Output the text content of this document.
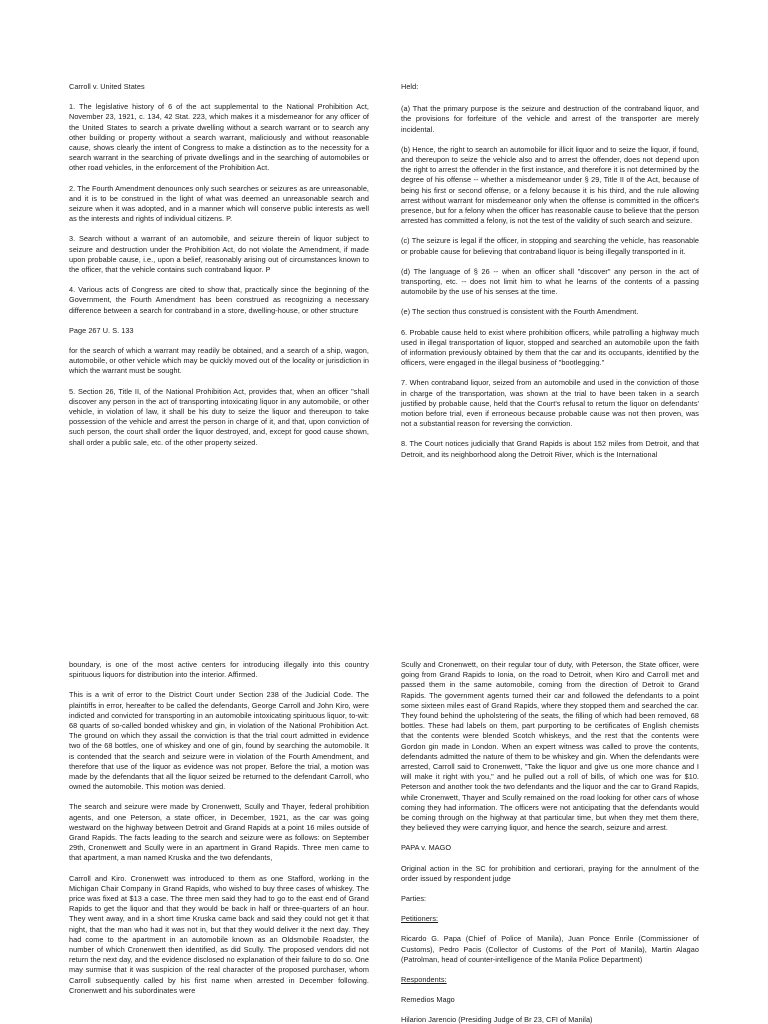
Carroll v. United States

1. The legislative history of 6 of the act supplemental to the National Prohibition Act, November 23, 1921, c. 134, 42 Stat. 223, which makes it a misdemeanor for any officer of the United States to search a private dwelling without a search warrant or to search any other building or property without a search warrant, maliciously and without reasonable cause, shows clearly the intent of Congress to make a distinction as to the necessity for a search warrant in the searching of private dwellings and in the searching of automobiles or other road vehicles, in the enforcement of the Prohibition Act.

2. The Fourth Amendment denounces only such searches or seizures as are unreasonable, and it is to be construed in the light of what was deemed an unreasonable search and seizure when it was adopted, and in a manner which will conserve public interests as well as the interests and rights of individual citizens. P.

3. Search without a warrant of an automobile, and seizure therein of liquor subject to seizure and destruction under the Prohibition Act, do not violate the Amendment, if made upon probable cause, i.e., upon a belief, reasonably arising out of circumstances known to the officer, that the vehicle contains such contraband liquor. P

4. Various acts of Congress are cited to show that, practically since the beginning of the Government, the Fourth Amendment has been construed as recognizing a necessary difference between a search for contraband in a store, dwelling-house, or other structure

Page 267 U. S. 133

for the search of which a warrant may readily be obtained, and a search of a ship, wagon, automobile, or other vehicle which may be quickly moved out of the locality or jurisdiction in which the warrant must be sought.

5. Section 26, Title II, of the National Prohibition Act, provides that, when an officer "shall discover any person in the act of transporting intoxicating liquor in any automobile, or other vehicle, in violation of law, it shall be his duty to seize the liquor and thereupon to take possession of the vehicle and arrest the person in charge of it, and that, upon conviction of such person, the court shall order the liquor destroyed, and, except for good cause shown, shall order a public sale, etc. of the other property seized.

Held:

(a) That the primary purpose is the seizure and destruction of the contraband liquor, and the provisions for forfeiture of the vehicle and arrest of the transporter are merely incidental.

(b) Hence, the right to search an automobile for illicit liquor and to seize the liquor, if found, and thereupon to seize the vehicle also and to arrest the offender, does not depend upon the right to arrest the offender in the first instance, and therefore it is not determined by the degree of his offense -- whether a misdemeanor under § 29, Title II of the Act, because of being his first or second offense, or a felony because it is his third, and the rule allowing arrest without warrant for misdemeanor only when the offense is committed in the officer's presence, but for a felony when the officer has reasonable cause to believe that the person arrested has committed a felony, is not the test of the validity of such search and seizure.

(c) The seizure is legal if the officer, in stopping and searching the vehicle, has reasonable or probable cause for believing that contraband liquor is being illegally transported in it.

(d) The language of § 26 -- when an officer shall "discover" any person in the act of transporting, etc. -- does not limit him to what he learns of the contents of a passing automobile by the use of his senses at the time.

(e) The section thus construed is consistent with the Fourth Amendment.

6. Probable cause held to exist where prohibition officers, while patrolling a highway much used in illegal transportation of liquor, stopped and searched an automobile upon the faith of information previously obtained by them that the car and its occupants, identified by the officers, were engaged in the illegal business of "bootlegging."

7. When contraband liquor, seized from an automobile and used in the conviction of those in charge of the transportation, was shown at the trial to have been taken in a search justified by probable cause, held that the Court's refusal to return the liquor on defendants' motion before trial, even if erroneous because probable cause was not then proven, was not a substantial reason for reversing the conviction.

8. The Court notices judicially that Grand Rapids is about 152 miles from Detroit, and that Detroit, and its neighborhood along the Detroit River, which is the International

boundary, is one of the most active centers for introducing illegally into this country spirituous liquors for distribution into the interior. Affirmed.

This is a writ of error to the District Court under Section 238 of the Judicial Code. The plaintiffs in error, hereafter to be called the defendants, George Carroll and John Kiro, were indicted and convicted for transporting in an automobile intoxicating spirituous liquor, to-wit: 68 quarts of so-called bonded whiskey and gin, in violation of the National Prohibition Act. The ground on which they assail the conviction is that the trial court admitted in evidence two of the 68 bottles, one of whiskey and one of gin, found by searching the automobile. It is contended that the search and seizure were in violation of the Fourth Amendment, and therefore that use of the liquor as evidence was not proper. Before the trial, a motion was made by the defendants that all the liquor seized be returned to the defendant Carroll, who owned the automobile. This motion was denied.

The search and seizure were made by Cronenwett, Scully and Thayer, federal prohibition agents, and one Peterson, a state officer, in December, 1921, as the car was going westward on the highway between Detroit and Grand Rapids at a point 16 miles outside of Grand Rapids. The facts leading to the search and seizure were as follows: on September 29th, Cronenwett and Scully were in an apartment in Grand Rapids. Three men came to that apartment, a man named Kruska and the two defendants,

Carroll and Kiro. Cronenwett was introduced to them as one Stafford, working in the Michigan Chair Company in Grand Rapids, who wished to buy three cases of whiskey. The price was fixed at $13 a case. The three men said they had to go to the east end of Grand Rapids to get the liquor and that they would be back in half or three-quarters of an hour. They went away, and in a short time Kruska came back and said they could not get it that night, that the man who had it was not in, but that they would deliver it the next day. They had come to the apartment in an automobile known as an Oldsmobile Roadster, the number of which Cronenwett then identified, as did Scully. The proposed vendors did not return the next day, and the evidence disclosed no explanation of their failure to do so. One may surmise that it was suspicion of the real character of the proposed purchaser, whom Carroll subsequently called by his first name when arrested in December following. Cronenwett and his subordinates were

Scully and Cronenwett, on their regular tour of duty, with Peterson, the State officer, were going from Grand Rapids to Ionia, on the road to Detroit, when Kiro and Carroll met and passed them in the same automobile, coming from the direction of Detroit to Grand Rapids. The government agents turned their car and followed the defendants to a point some sixteen miles east of Grand Rapids, where they stopped them and searched the car. They found behind the upholstering of the seats, the filling of which had been removed, 68 bottles. These had labels on them, part purporting to be certificates of English chemists that the contents were blended Scotch whiskeys, and the rest that the contents were Gordon gin made in London. When an expert witness was called to prove the contents, defendants admitted the nature of them to be whiskey and gin. When the defendants were arrested, Carroll said to Cronenwett, "Take the liquor and give us one more chance and I will make it right with you," and he pulled out a roll of bills, of which one was for $10. Peterson and another took the two defendants and the liquor and the car to Grand Rapids, while Cronenwett, Thayer and Scully remained on the road looking for other cars of whose coming they had information. The officers were not anticipating that the defendants would be coming through on the highway at that particular time, but when they met them there, they believed they were carrying liquor, and hence the search, seizure and arrest.

PAPA v. MAGO

Original action in the SC for prohibition and certiorari, praying for the annulment of the order issued by respondent judge

Parties:

Petitioners:

Ricardo G. Papa (Chief of Police of Manila), Juan Ponce Enrile (Commissioner of Customs), Pedro Pacis (Collector of Customs of the Port of Manila), Martin Alagao (Patrolman, head of counter-intelligence of the Manila Police Department)

Respondents:

Remedios Mago

Hilarion Jarencio (Presiding Judge of Br 23, CFI of Manila)
